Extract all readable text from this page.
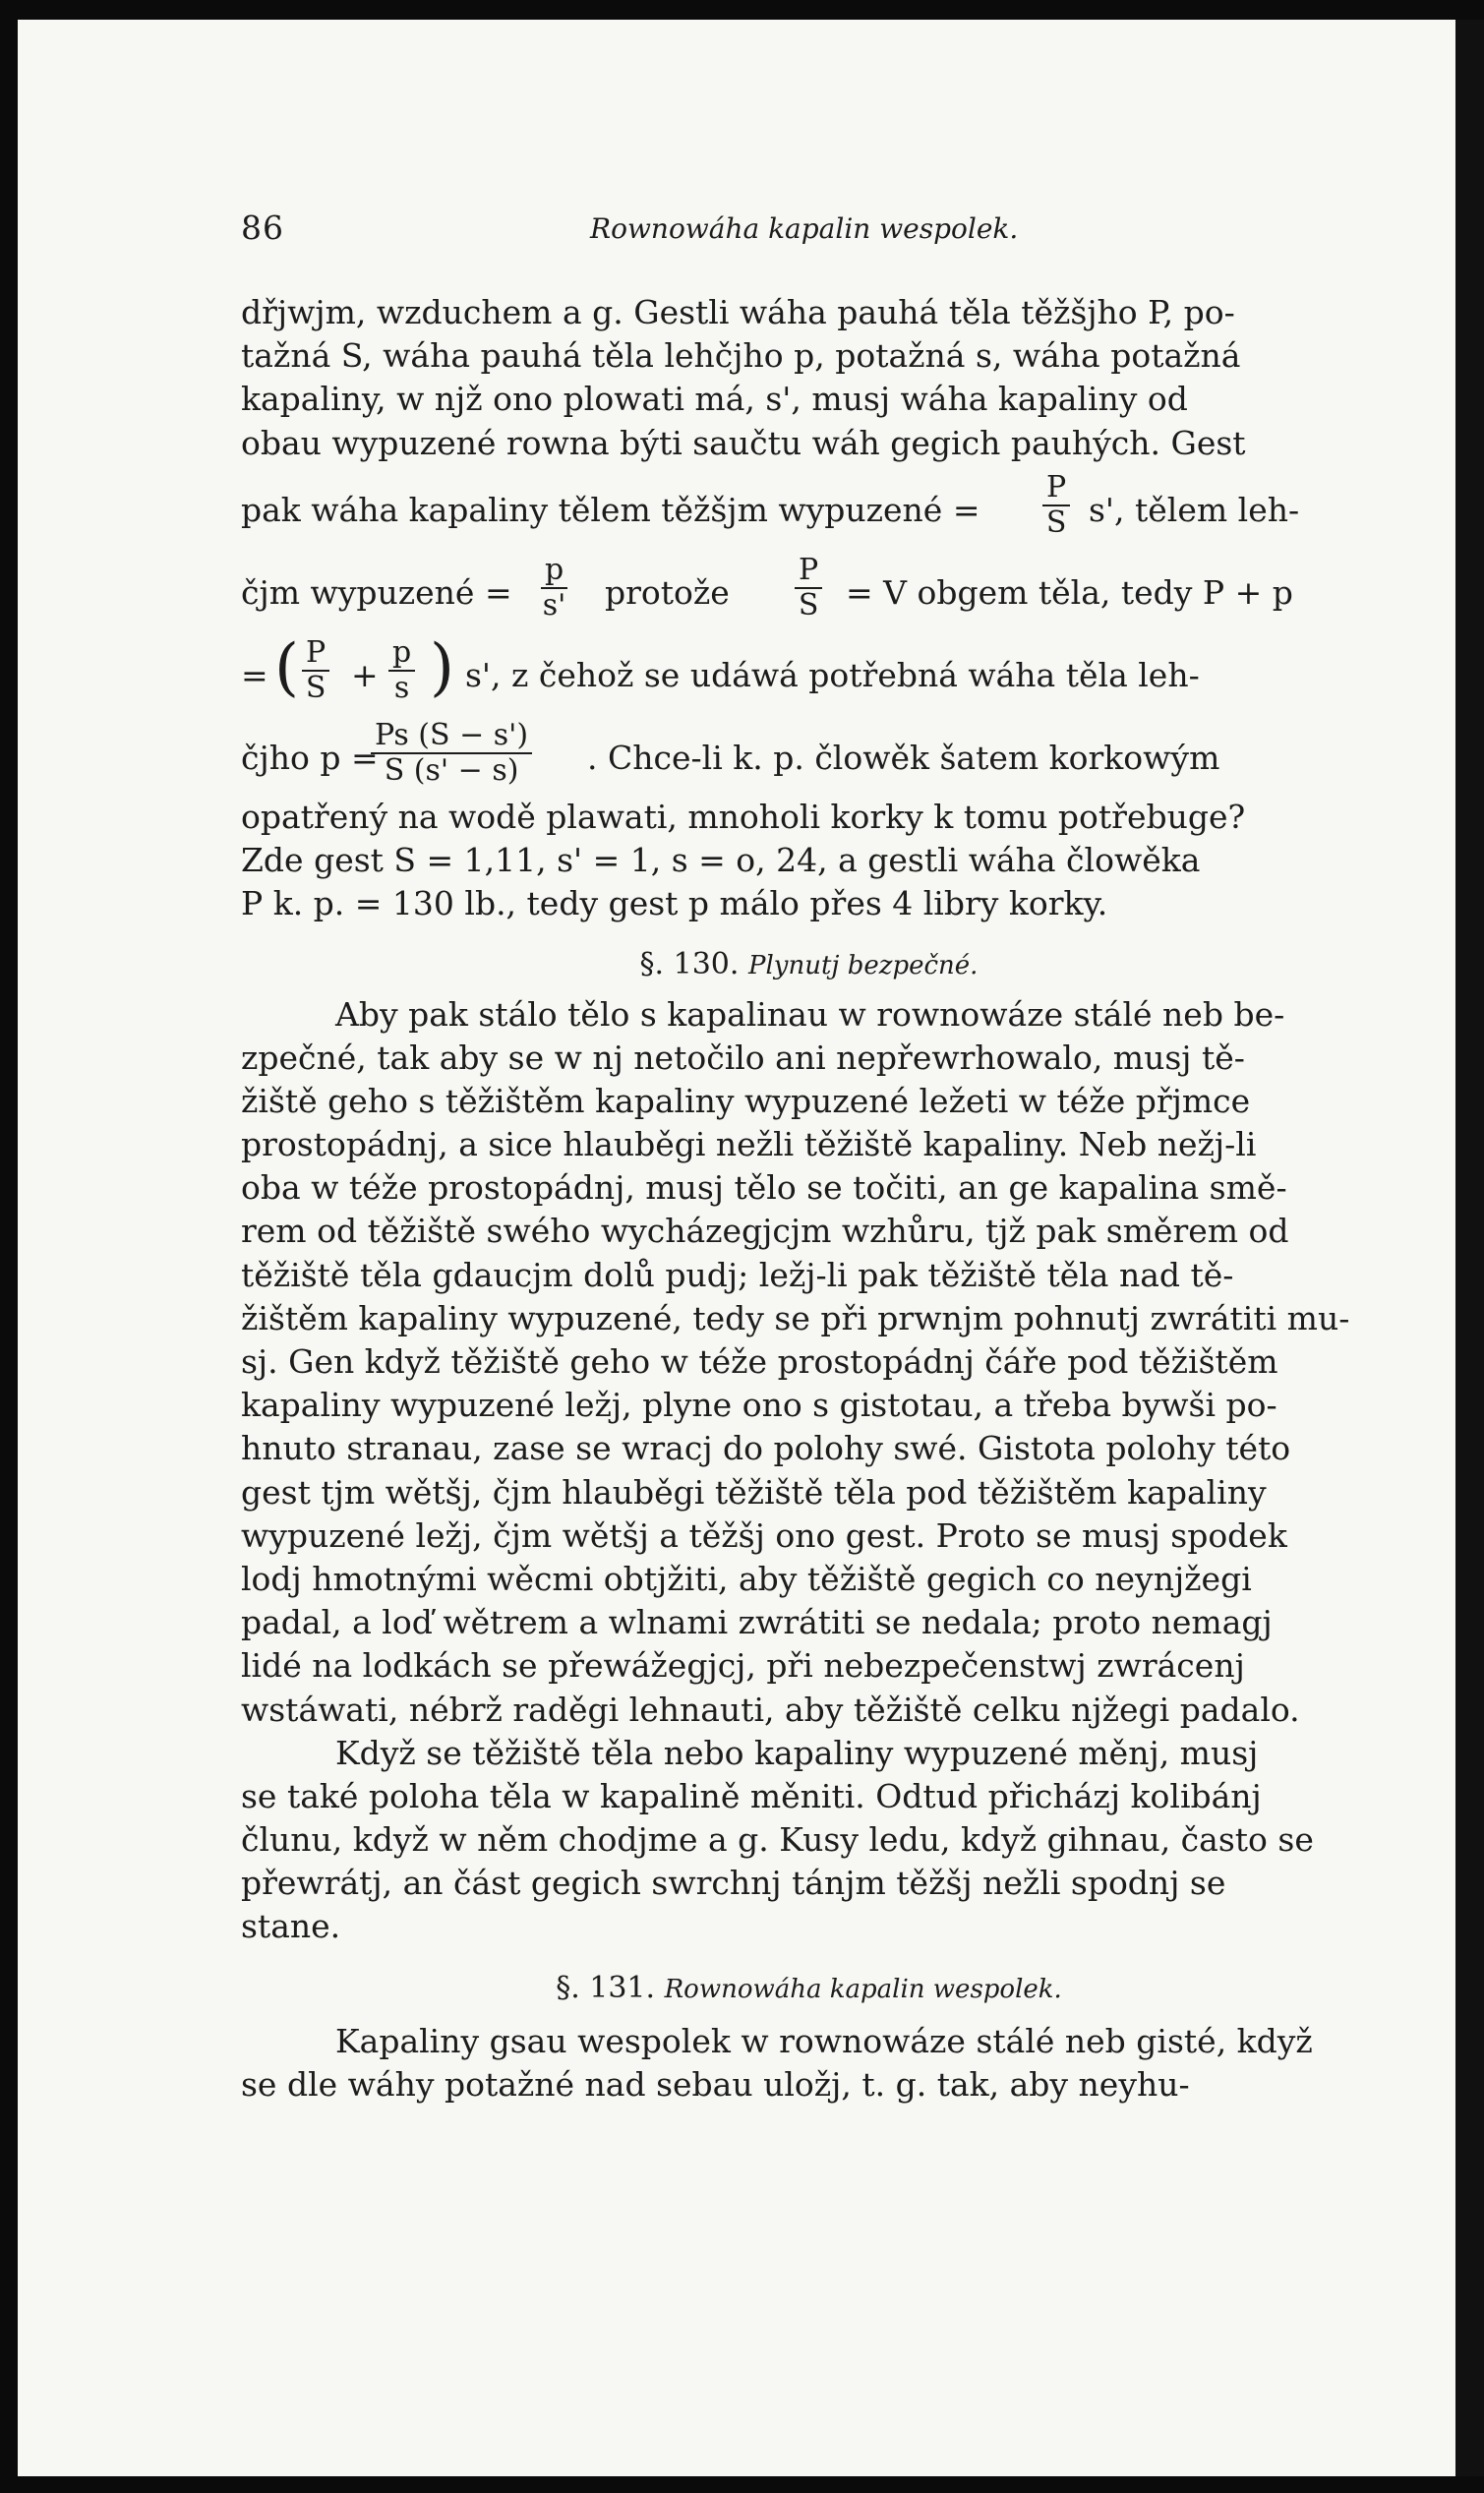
86	Rownowáha kapalin wespolek.
dřjwjm, wzduchem a g. Gestli wáha pauhá těla těžšjho P, po-
tažná S, wáha pauhá těla lehčjho p, potažná s, wáha potažná
kapaliny, w njž ono plowati má, s', musj wáha kapaliny od
obau wypuzené rowna býti saučtu wáh gegich pauhých. Gest
pak wáha kapaliny tělem těžšjm wypuzené = $\frac{P}{S} s'$, tělem leh-
čjm wypuzené = $\frac{p}{s'}$ protože $\frac{P}{S} = V$ obgem těla, tedy P + p
= ( $\frac{P}{S} + \frac{p}{s}$ ) s', z čehož se udáwá potřebná wáha těla leh-
čjho p =
$\frac{Ps (S - s')}{S (s' - s)}$ . Chce-li k. p. člowěk šatem korkowým
opatřený na wodě plawati, mnoholi korky k tomu potřebuge?
Zde gest S = 1,11, s' = 1, s = o, 24, a gestli wáha člowěka
P k. p. = 130 lb., tedy gest p málo přes 4 libry korky.
§. 130. Plynutj bezpečné.
Aby pak stálo tělo s kapalinau w rownowáze stálé neb be-
zpečné, tak aby se w nj netočilo ani nepřewrhowalo, musj tě-
žiště geho s těžištěm kapaliny wypuzené ležeti w téže přjmce
prostopádnj, a sice hlauběgi nežli těžiště kapaliny. Neb nežj-li
oba w téže prostopádnj, musj tělo se točiti, an ge kapalina smě-
rem od těžiště swého wycházegjcjm wzhůru, tjž pak směrem od
těžiště těla gdaucjm dolů pudj; ležj-li pak těžiště těla nad tě-
žištěm kapaliny wypuzené, tedy se při prwnjm pohnutj zwrátiti mu-
sj. Gen když těžiště geho w téže prostopádnj čáře pod těžištěm
kapaliny wypuzené ležj, plyne ono s gistotau, a třeba bywši po-
hnuto stranau, zase se wracj do polohy swé. Gistota polohy této
gest tjm wětšj, čjm hlauběgi těžiště těla pod těžištěm kapaliny
wypuzené ležj, čjm wětšj a těžšj ono gest. Proto se musj spodek
lodj hmotnými wěcmi obtjžiti, aby těžiště gegich co neynjžegi
padal, a loď wětrem a wlnami zwrátiti se nedala; proto nemagj
lidé na lodkách se přewážegjcj, při nebezpečenstwj zwrácenj
wstáwati, nébrž raděgi lehnauti, aby těžiště celku njžegi padalo.
Když se těžiště těla nebo kapaliny wypuzené měnj, musj
se také poloha těla w kapalině měniti. Odtud přicházj kolibánj
člunu, když w něm chodjme a g. Kusy ledu, když gihnau, často se
přewrátj, an část gegich swrchnj tánjm těžšj nežli spodnj se
stane.
§. 131. Rownowáha kapalin wespolek.
Kapaliny gsau wespolek w rownowáze stálé neb gisté, když
se dle wáhy potažné nad sebau uložj, t. g. tak, aby neyhu-
